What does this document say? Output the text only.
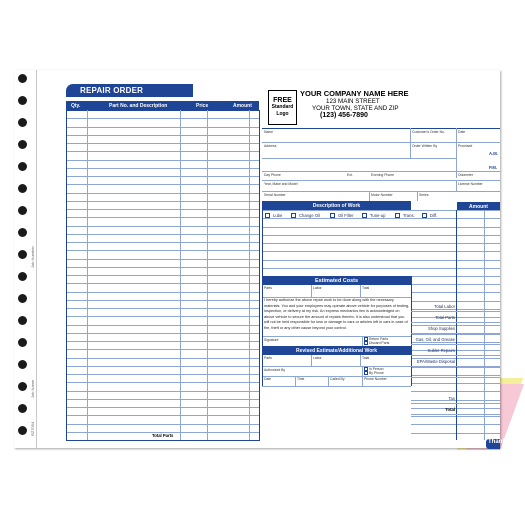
Job Number
Job Name
RZ7054
REPAIR ORDER
FREE
Standard
Logo
YOUR COMPANY NAME HERE
123 MAIN STREET
YOUR TOWN, STATE AND ZIP
(123) 456-7890
Qty.	Part No. and Description	Price	Amount
Total Parts
Name	Customer's Order No.	Date
Address	Order Written By	Promised
A.M.
P.M.
Day Phone	Ext.	Evening Phone	Odometer
Year, Make and Model	License Number
Serial Number	Motor Number	Series
Description of Work	Amount
Lube	Change Oil	Oil Filter	Tune-up	Trans.	Diff.
Estimated Costs
Parts	Labor	Total
I hereby authorize the above repair work to be done along with the necessary materials. You and your employees may operate above vehicle for purposes of testing, inspection, or delivery at my risk. An express mechanics lien is acknowledged on above vehicle to secure the amount of repairs thereto. It is also understood that you will not be held responsible for loss or damage to cars or articles left in cars in case of fire, theft or any other cause beyond your control.
Signature	Return Parts
Discard Parts
Revised Estimate/Additional Work
Parts	Labor	Total
Authorized By	In Person
By Phone
Date	Time	Called By	Phone Number
Total Labor
Total Parts
Shop Supplies
Gas, Oil, and Grease
Sublet Repairs
EPA/Waste Disposal
Tax
Total
Thank
